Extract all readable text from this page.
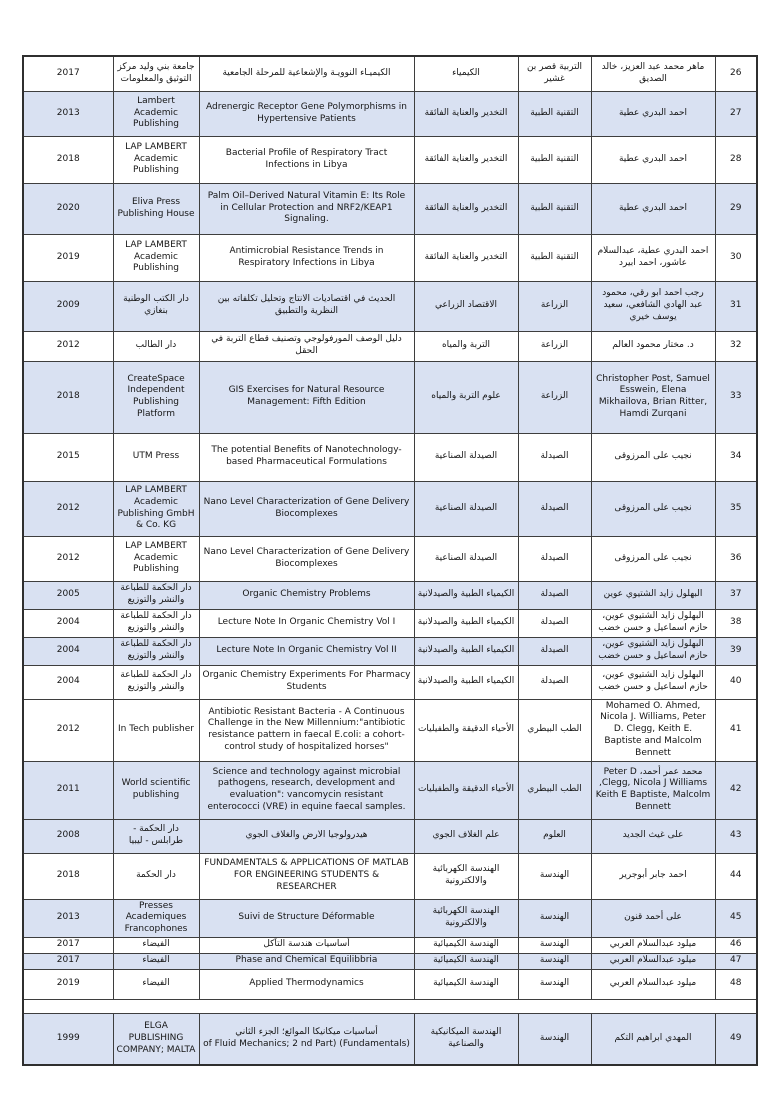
2017	جامعة بني وليد مركز التوثيق والمعلومات	الكيميـاء النوويـة والإشعاعية للمرحلة الجامعية	الكيمياء	التربية قصر بن غشير	ماهر محمد عبد العزيز، خالد الصديق	26
2013	Lambert Academic Publishing	Adrenergic Receptor Gene Polymorphisms in Hypertensive Patients	التخدير والعناية الفائقة	التقنية الطبية	احمد البدري عطية	27
2018	LAP LAMBERT Academic Publishing	Bacterial Profile of Respiratory Tract Infections in Libya	التخدير والعناية الفائقة	التقنية الطبية	احمد البدري عطية	28
2020	Eliva Press Publishing House	Palm Oil–Derived Natural Vitamin E: Its Role in Cellular Protection and NRF2/KEAP1 Signaling.	التخدير والعناية الفائقة	التقنية الطبية	احمد البدري عطية	29
2019	LAP LAMBERT Academic Publishing	Antimicrobial Resistance Trends in Respiratory Infections in Libya	التخدير والعناية الفائقة	التقنية الطبية	احمد البدري عطية، عبدالسلام عاشور، احمد ابيرد	30
2009	دار الكتب الوطنية بنغازي	الحديث في اقتصاديات الانتاج وتحليل تكلفاته بين النظرية والتطبيق	الاقتصاد الزراعي	الزراعة	رجب احمد ابو رقي، محمود عبد الهادي الشافعي، سعيد يوسف خيري	31
2012	دار الطالب	دليل الوصف المورفولوجي وتصنيف قطاع التربة في الحقل	التربة والمياه	الزراعة	د. مختار محمود العالم	32
2018	CreateSpace Independent Publishing Platform	GIS Exercises for Natural Resource Management: Fifth Edition	علوم التربة والمياه	الزراعة	Christopher Post, Samuel Esswein, Elena Mikhailova, Brian Ritter, Hamdi Zurqani	33
2015	UTM Press	The potential Benefits of Nanotechnology-based Pharmaceutical Formulations	الصيدلة الصناعية	الصيدلة	نجيب على المرزوقى	34
2012	LAP LAMBERT Academic Publishing GmbH & Co. KG	Nano Level Characterization of Gene Delivery Biocomplexes	الصيدلة الصناعية	الصيدلة	نجيب على المرزوقى	35
2012	LAP LAMBERT Academic Publishing	Nano Level Characterization of Gene Delivery Biocomplexes	الصيدلة الصناعية	الصيدلة	نجيب على المرزوقى	36
2005	دار الحكمة للطباعة والنشر والتوزيع	Organic Chemistry Problems	الكيمياء الطبية والصيدلانية	الصيدلة	البهلول زايد الشتيوي عوين	37
2004	دار الحكمة للطباعة والنشر والتوزيع	Lecture Note In Organic Chemistry Vol I	الكيمياء الطبية والصيدلانية	الصيدلة	البهلول زايد الشتيوي عوين، حازم اسماعيل و حسن خضب	38
2004	دار الحكمة للطباعة والنشر والتوزيع	Lecture Note In Organic Chemistry Vol II	الكيمياء الطبية والصيدلانية	الصيدلة	البهلول زايد الشتيوي عوين، حازم اسماعيل و حسن خضب	39
2004	دار الحكمة للطباعة والنشر والتوزيع	Organic Chemistry Experiments For Pharmacy Students	الكيمياء الطبية والصيدلانية	الصيدلة	البهلول زايد الشتيوي عوين، حازم اسماعيل و حسن خضب	40
2012	In Tech publisher	Antibiotic Resistant Bacteria - A Continuous Challenge in the New Millennium:"antibiotic resistance pattern in faecal E.coli: a cohort-control study of hospitalized horses"	الأحياء الدقيقة والطفيليات	الطب البيطري	Mohamed O. Ahmed, Nicola J. Williams, Peter D. Clegg, Keith E. Baptiste and Malcolm Bennett	41
2011	World scientific publishing	Science and technology against microbial pathogens, research, development and evaluation": vancomycin resistant enterococci (VRE) in equine faecal samples.	الأحياء الدقيقة والطفيليات	الطب البيطري	محمد عمر أحمد، Peter D ,Clegg, Nicola J Williams Keith E Baptiste, Malcolm Bennett	42
2008	دار الحكمة - طرابلس - ليبيا	هيدرولوجيا الارض والغلاف الجوي	علم الغلاف الجوي	العلوم	على غيث الجديد	43
2018	دار الحكمة	FUNDAMENTALS & APPLICATIONS OF MATLAB FOR ENGINEERING STUDENTS & RESEARCHER	الهندسة الكهربائية والالكترونية	الهندسة	احمد جابر أبوجرير	44
2013	Presses Academiques Francophones	Suivi de Structure Déformable	الهندسة الكهربائية والالكترونية	الهندسة	على أحمد قنون	45
2017	الفيضاء	أساسيات هندسة التآكل	الهندسة الكيميائية	الهندسة	ميلود عبدالسلام العربي	46
2017	الفيضاء	Phase and Chemical Equilibbria	الهندسة الكيميائية	الهندسة	ميلود عبدالسلام العربي	47
2019	الفيضاء	Applied Thermodynamics	الهندسة الكيميائية	الهندسة	ميلود عبدالسلام العربي	48

1999	ELGA PUBLISHING COMPANY; MALTA	أساسيات ميكانيكا الموائع؛ الجزء الثاني (Fundamentals) (of Fluid Mechanics; 2 nd Part	الهندسة الميكانيكية والصناعية	الهندسة	المهدي ابراهيم التكم	49
